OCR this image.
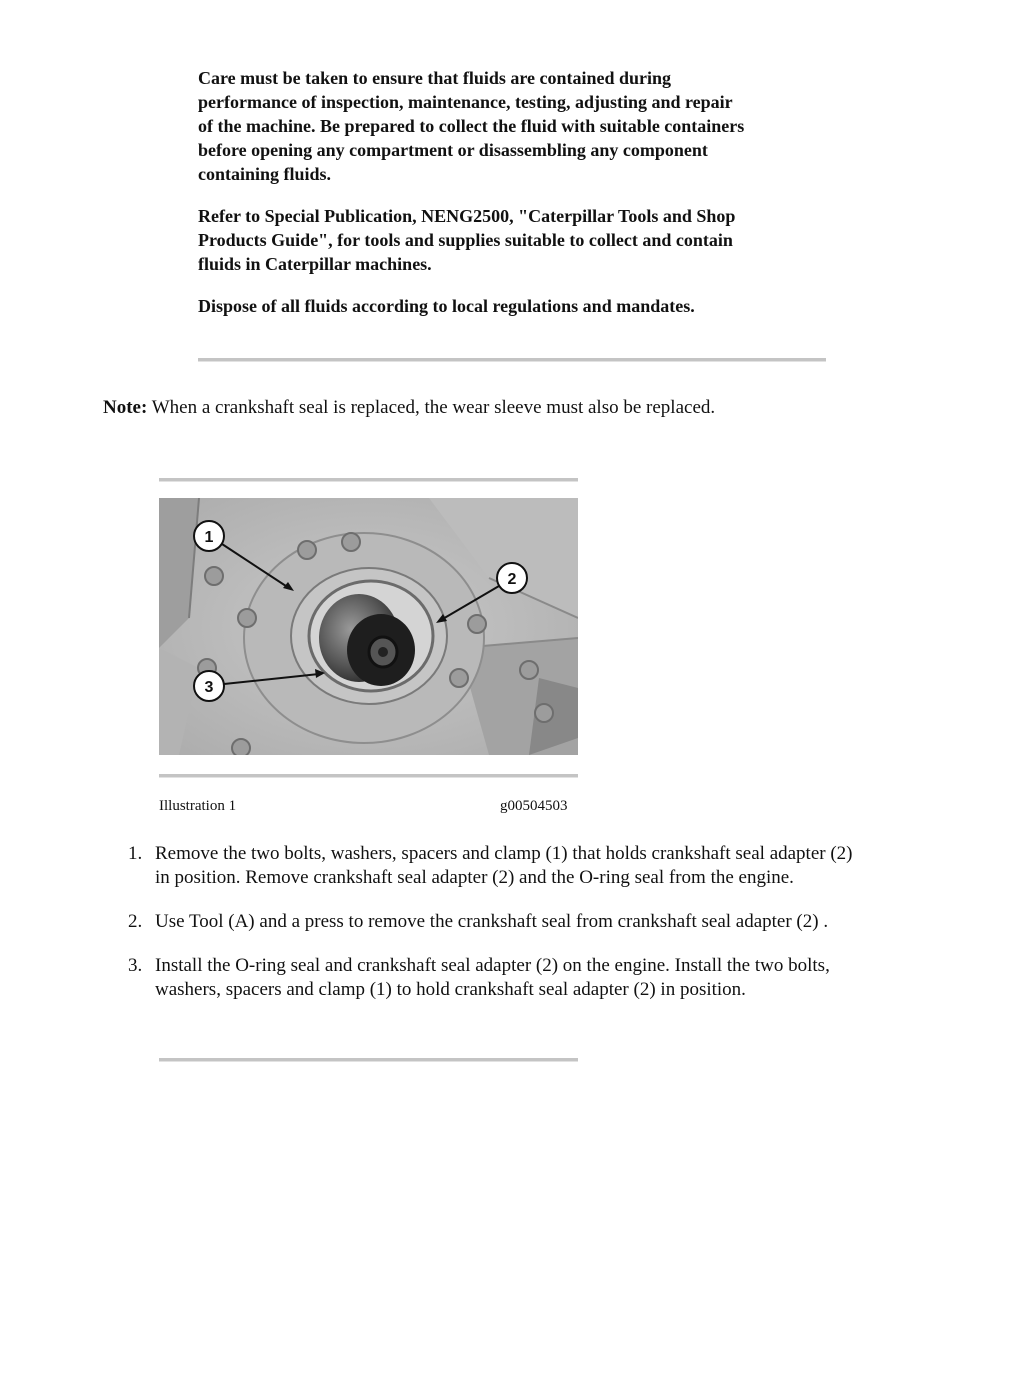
Care must be taken to ensure that fluids are contained during
performance of inspection, maintenance, testing, adjusting and repair
of the machine. Be prepared to collect the fluid with suitable containers
before opening any compartment or disassembling any component
containing fluids.

Refer to Special Publication, NENG2500, "Caterpillar Tools and Shop
Products Guide", for tools and supplies suitable to collect and contain
fluids in Caterpillar machines.

Dispose of all fluids according to local regulations and mandates.

Note: When a crankshaft seal is replaced, the wear sleeve must also be replaced.
1
2
3
Illustration 1	g00504503
1. Remove the two bolts, washers, spacers and clamp (1) that holds crankshaft seal adapter (2)
in position. Remove crankshaft seal adapter (2) and the O-ring seal from the engine.
2. Use Tool (A) and a press to remove the crankshaft seal from crankshaft seal adapter (2) .
3. Install the O-ring seal and crankshaft seal adapter (2) on the engine. Install the two bolts,
washers, spacers and clamp (1) to hold crankshaft seal adapter (2) in position.
